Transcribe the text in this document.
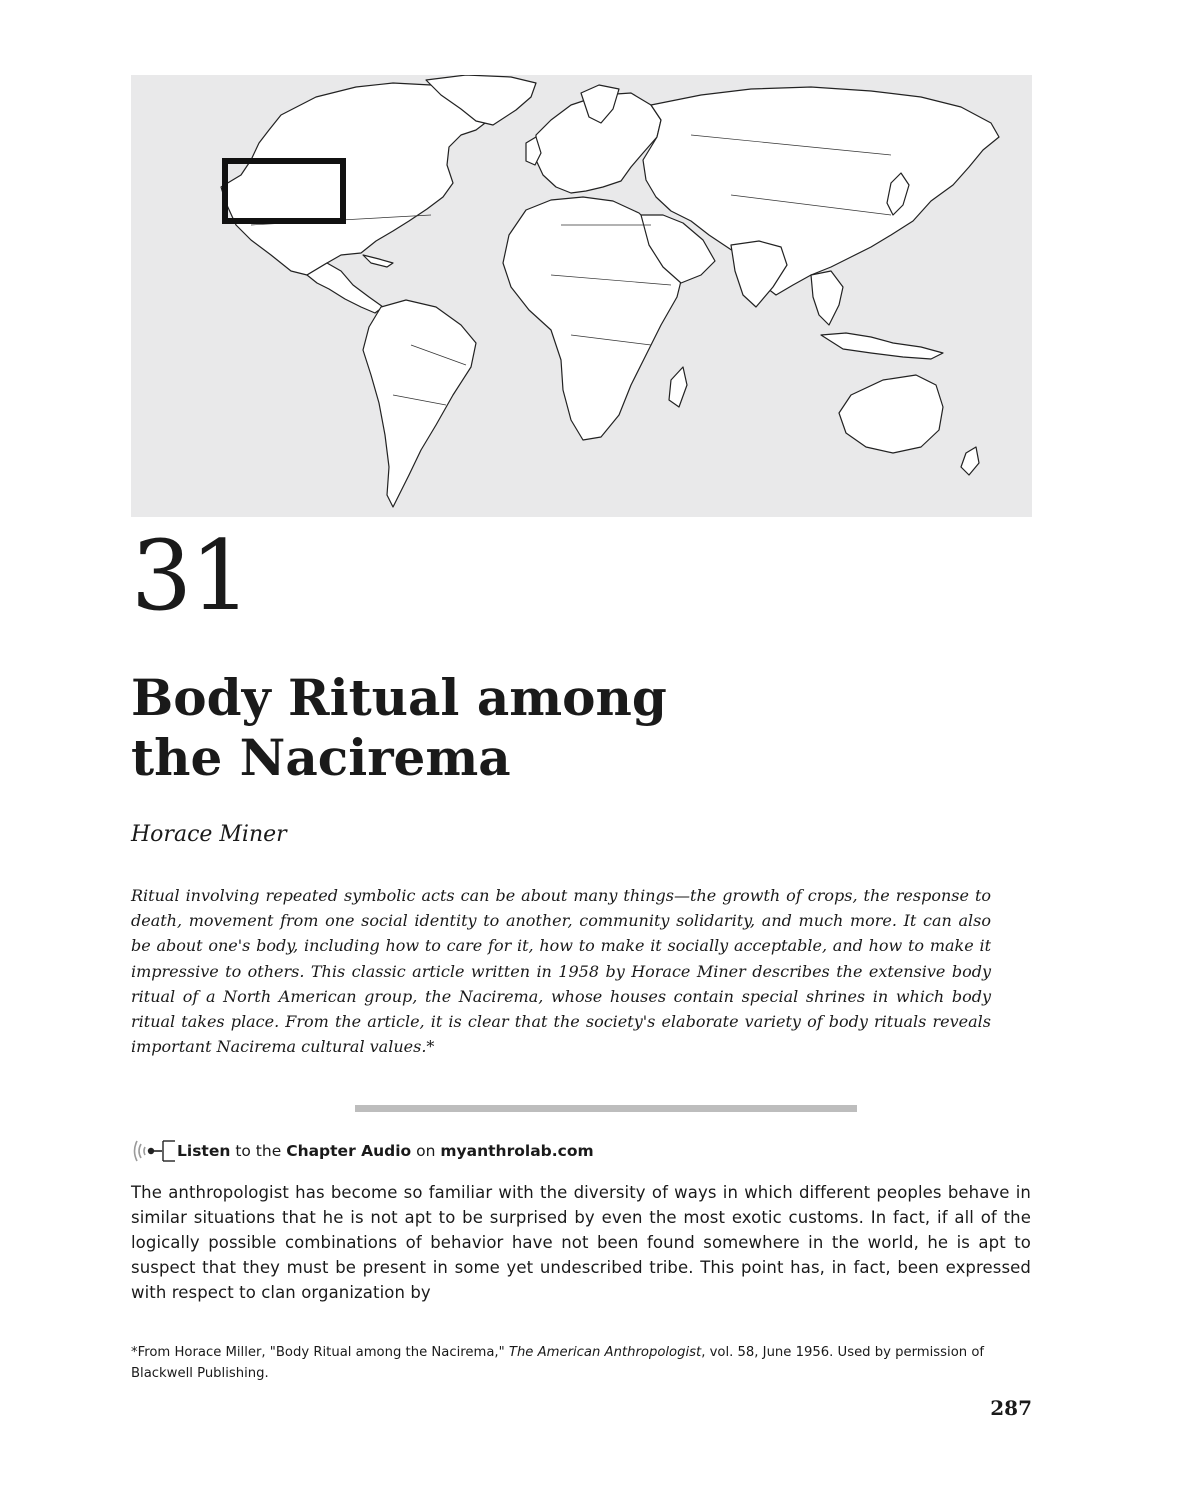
31
Body Ritual among
the Nacirema
Horace Miner
Ritual involving repeated symbolic acts can be about many things—the growth of crops, the response to death, movement from one social identity to another, community solidarity, and much more. It can also be about one's body, including how to care for it, how to make it socially acceptable, and how to make it impressive to others. This classic article written in 1958 by Horace Miner describes the extensive body ritual of a North American group, the Nacirema, whose houses contain special shrines in which body ritual takes place. From the article, it is clear that the society's elaborate variety of body rituals reveals important Nacirema cultural values.*
Listen
to the
Chapter Audio
on
myanthrolab.com
The anthropologist has become so familiar with the diversity of ways in which different peoples behave in similar situations that he is not apt to be surprised by even the most exotic customs. In fact, if all of the logically possible combinations of behavior have not been found somewhere in the world, he is apt to suspect that they must be present in some yet undescribed tribe. This point has, in fact, been expressed with respect to clan organization by
*From Horace Miller, "Body Ritual among the Nacirema," The American Anthropologist, vol. 58, June 1956. Used by permission of Blackwell Publishing.
287
